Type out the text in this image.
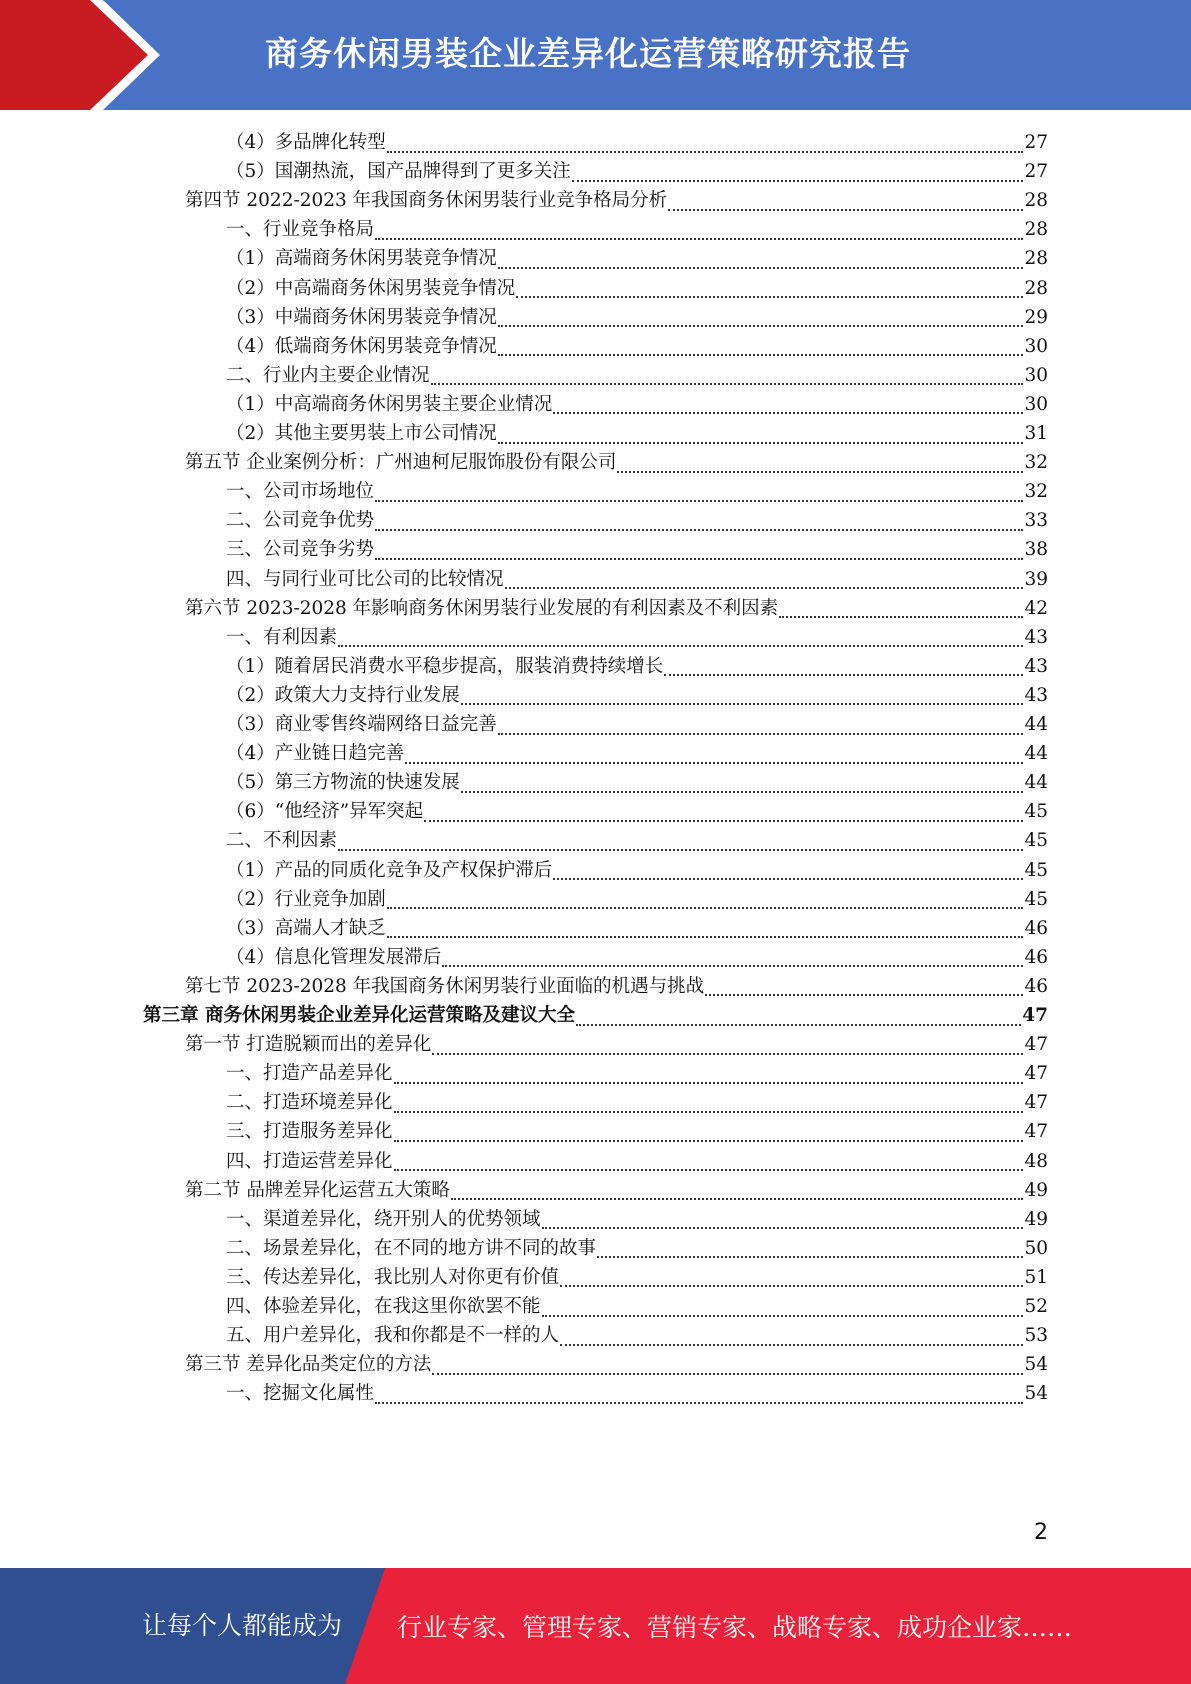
商务休闲男装企业差异化运营策略研究报告
（4）多品牌化转型	27
（5）国潮热流，国产品牌得到了更多关注	27
第四节 2022-2023 年我国商务休闲男装行业竞争格局分析	28
一、行业竞争格局	28
（1）高端商务休闲男装竞争情况	28
（2）中高端商务休闲男装竞争情况	28
（3）中端商务休闲男装竞争情况	29
（4）低端商务休闲男装竞争情况	30
二、行业内主要企业情况	30
（1）中高端商务休闲男装主要企业情况	30
（2）其他主要男装上市公司情况	31
第五节 企业案例分析：广州迪柯尼服饰股份有限公司	32
一、公司市场地位	32
二、公司竞争优势	33
三、公司竞争劣势	38
四、与同行业可比公司的比较情况	39
第六节 2023-2028 年影响商务休闲男装行业发展的有利因素及不利因素	42
一、有利因素	43
（1）随着居民消费水平稳步提高，服装消费持续增长	43
（2）政策大力支持行业发展	43
（3）商业零售终端网络日益完善	44
（4）产业链日趋完善	44
（5）第三方物流的快速发展	44
（6）“他经济”异军突起	45
二、不利因素	45
（1）产品的同质化竞争及产权保护滞后	45
（2）行业竞争加剧	45
（3）高端人才缺乏	46
（4）信息化管理发展滞后	46
第七节 2023-2028 年我国商务休闲男装行业面临的机遇与挑战	46
第三章 商务休闲男装企业差异化运营策略及建议大全	47
第一节 打造脱颖而出的差异化	47
一、打造产品差异化	47
二、打造环境差异化	47
三、打造服务差异化	47
四、打造运营差异化	48
第二节 品牌差异化运营五大策略	49
一、渠道差异化，绕开别人的优势领域	49
二、场景差异化，在不同的地方讲不同的故事	50
三、传达差异化，我比别人对你更有价值	51
四、体验差异化，在我这里你欲罢不能	52
五、用户差异化，我和你都是不一样的人	53
第三节 差异化品类定位的方法	54
一、挖掘文化属性	54
2
让每个人都能成为 行业专家、管理专家、营销专家、战略专家、成功企业家……
